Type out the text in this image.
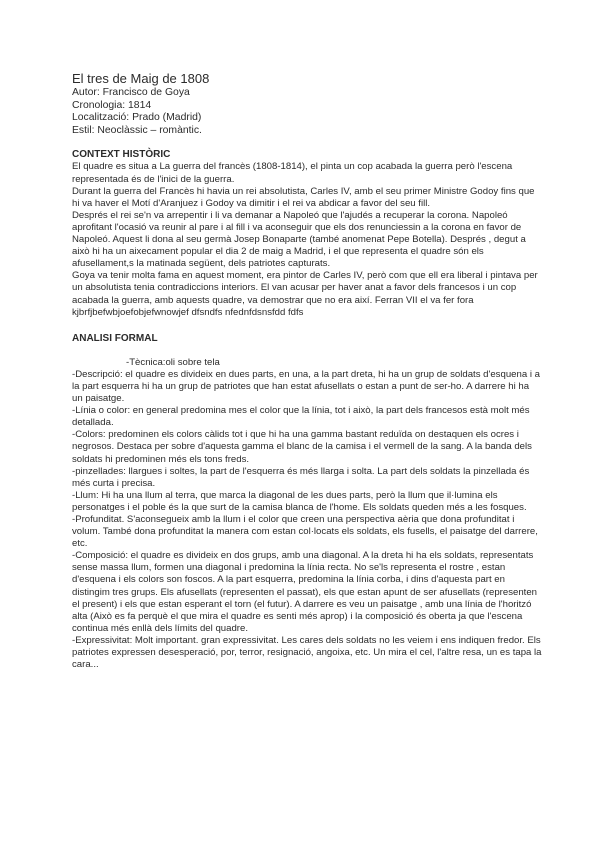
El tres de Maig de 1808
Autor: Francisco de Goya
Cronologia: 1814
Localització: Prado (Madrid)
Estil: Neoclàssic – romàntic.
CONTEXT HISTÒRIC

El quadre es situa a La guerra del francès (1808-1814), el pinta un cop acabada la guerra però l'escena representada és de l'inici de la guerra.

Durant la guerra del Francès hi havia un rei absolutista, Carles IV, amb el seu primer Ministre Godoy fins que hi va haver el Motí d'Aranjuez i Godoy va dimitir i el rei va abdicar a favor del seu fill.

Després el rei se'n va arrepentir i li va demanar a Napoleó que l'ajudés a recuperar la corona. Napoleó aprofitant l'ocasió va reunir al pare i al fill i va aconseguir que els dos renunciessin a la corona en favor de Napoleó. Aquest li dona al seu germà Josep Bonaparte (també anomenat Pepe Botella). Després , degut a això hi ha un aixecament popular el dia 2 de maig a Madrid, i el que representa el quadre són els afusellament,s la matinada següent, dels patriotes capturats.

Goya va tenir molta fama en aquest moment, era pintor de Carles IV, però com que ell era liberal i pintava per un absolutista tenia contradiccions interiors. El van acusar per haver anat a favor dels francesos i un cop acabada la guerra, amb aquests quadre, va demostrar que no era així. Ferran VII el va fer fora kjbrfjbefwbjoefobjefwnowjef dfsndfs nfednfdsnsfdd fdfs

ANALISI FORMAL

-Tècnica:oli sobre tela

-Descripció: el quadre es divideix en dues parts, en una, a la part dreta, hi ha un grup de soldats d'esquena i a la part esquerra hi ha un grup de patriotes que han estat afusellats o estan a punt de ser-ho. A darrere hi ha un paisatge.

-Línia o color: en general predomina mes el color que la línia, tot i això, la part dels francesos està molt més detallada.

-Colors: predominen els colors càlids tot i que hi ha una gamma bastant reduïda on destaquen els ocres i negrosos. Destaca per sobre d'aquesta gamma el blanc de la camisa i el vermell de la sang. A la banda dels soldats hi predominen més els tons freds.

-pinzellades: llargues i soltes, la part de l'esquerra és més llarga i solta. La part dels soldats la pinzellada és més curta i precisa.

-Llum: Hi ha una llum al terra, que marca la diagonal de les dues parts, però la llum que il·lumina els personatges i el poble és la que surt de la camisa blanca de l'home. Els soldats queden més a les fosques.

-Profunditat. S'aconsegueix amb la llum i el color que creen una perspectiva aèria que dona profunditat i volum. També dona profunditat la manera com estan col·locats els soldats, els fusells, el paisatge del darrere, etc.

-Composició: el quadre es divideix en dos grups, amb una diagonal. A la dreta hi ha els soldats, representats sense massa llum, formen una diagonal i predomina la línia recta. No se'ls representa el rostre , estan d'esquena i els colors son foscos. A la part esquerra, predomina la línia corba, i dins d'aquesta part en distingim tres grups. Els afusellats (representen el passat), els que estan apunt de ser afusellats (representen el present) i els que estan esperant el torn (el futur). A darrere es veu un paisatge , amb una línia de l'horitzó alta (Això es fa perquè el que mira el quadre es senti més aprop) i la composició és oberta ja que l'escena continua més enllà dels límits del quadre.

-Expressivitat: Molt important. gran expressivitat. Les cares dels soldats no les veiem i ens indiquen fredor. Els patriotes expressen desesperació, por, terror, resignació, angoixa, etc. Un mira el cel, l'altre resa, un es tapa la cara...
